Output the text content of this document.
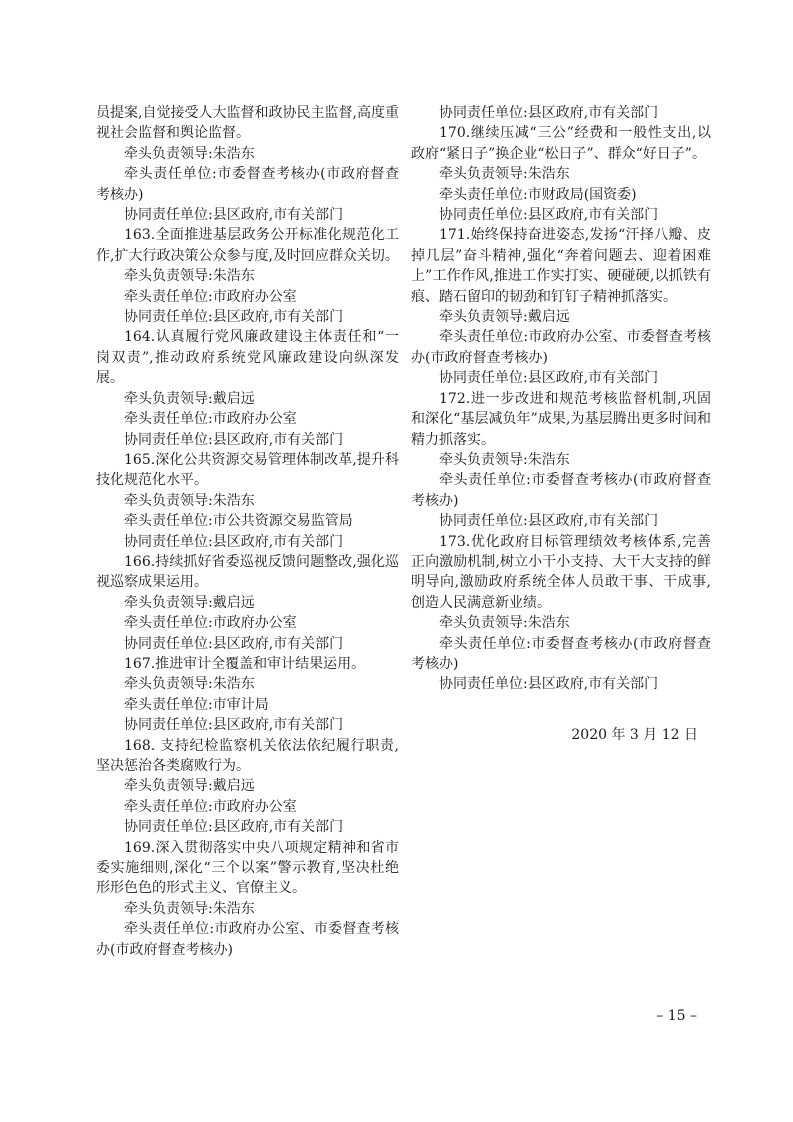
员提案,自觉接受人大监督和政协民主监督,高度重视社会监督和舆论监督。

牵头负责领导:朱浩东

牵头责任单位:市委督查考核办(市政府督查考核办)

协同责任单位:县区政府,市有关部门

163.全面推进基层政务公开标准化规范化工作,扩大行政决策公众参与度,及时回应群众关切。

牵头负责领导:朱浩东

牵头责任单位:市政府办公室

协同责任单位:县区政府,市有关部门

164.认真履行党风廉政建设主体责任和“一岗双责”,推动政府系统党风廉政建设向纵深发展。

牵头负责领导:戴启远

牵头责任单位:市政府办公室

协同责任单位:县区政府,市有关部门

165.深化公共资源交易管理体制改革,提升科技化规范化水平。

牵头负责领导:朱浩东

牵头责任单位:市公共资源交易监管局

协同责任单位:县区政府,市有关部门

166.持续抓好省委巡视反馈问题整改,强化巡视巡察成果运用。

牵头负责领导:戴启远

牵头责任单位:市政府办公室

协同责任单位:县区政府,市有关部门

167.推进审计全覆盖和审计结果运用。

牵头负责领导:朱浩东

牵头责任单位:市审计局

协同责任单位:县区政府,市有关部门

168. 支持纪检监察机关依法依纪履行职责,坚决惩治各类腐败行为。

牵头负责领导:戴启远

牵头责任单位:市政府办公室

协同责任单位:县区政府,市有关部门

169.深入贯彻落实中央八项规定精神和省市委实施细则,深化“三个以案”警示教育,坚决杜绝形形色色的形式主义、官僚主义。

牵头负责领导:朱浩东

牵头责任单位:市政府办公室、市委督查考核办(市政府督查考核办)

协同责任单位:县区政府,市有关部门

170.继续压减“三公”经费和一般性支出,以政府“紧日子”换企业“松日子”、群众“好日子”。

牵头负责领导:朱浩东

牵头责任单位:市财政局(国资委)

协同责任单位:县区政府,市有关部门

171.始终保持奋进姿态,发扬“汗择八瓣、皮掉几层”奋斗精神,强化“奔着问题去、迎着困难上”工作作风,推进工作实打实、硬碰硬,以抓铁有痕、踏石留印的韧劲和钉钉子精神抓落实。

牵头负责领导:戴启远

牵头责任单位:市政府办公室、市委督查考核办(市政府督查考核办)

协同责任单位:县区政府,市有关部门

172.进一步改进和规范考核监督机制,巩固和深化“基层减负年”成果,为基层腾出更多时间和精力抓落实。

牵头负责领导:朱浩东

牵头责任单位:市委督查考核办(市政府督查考核办)

协同责任单位:县区政府,市有关部门

173.优化政府目标管理绩效考核体系,完善正向激励机制,树立小干小支持、大干大支持的鲜明导向,激励政府系统全体人员敢干事、干成事,创造人民满意新业绩。

牵头负责领导:朱浩东

牵头责任单位:市委督查考核办(市政府督查考核办)

协同责任单位:县区政府,市有关部门

2020 年 3 月 12 日
– 15 –
